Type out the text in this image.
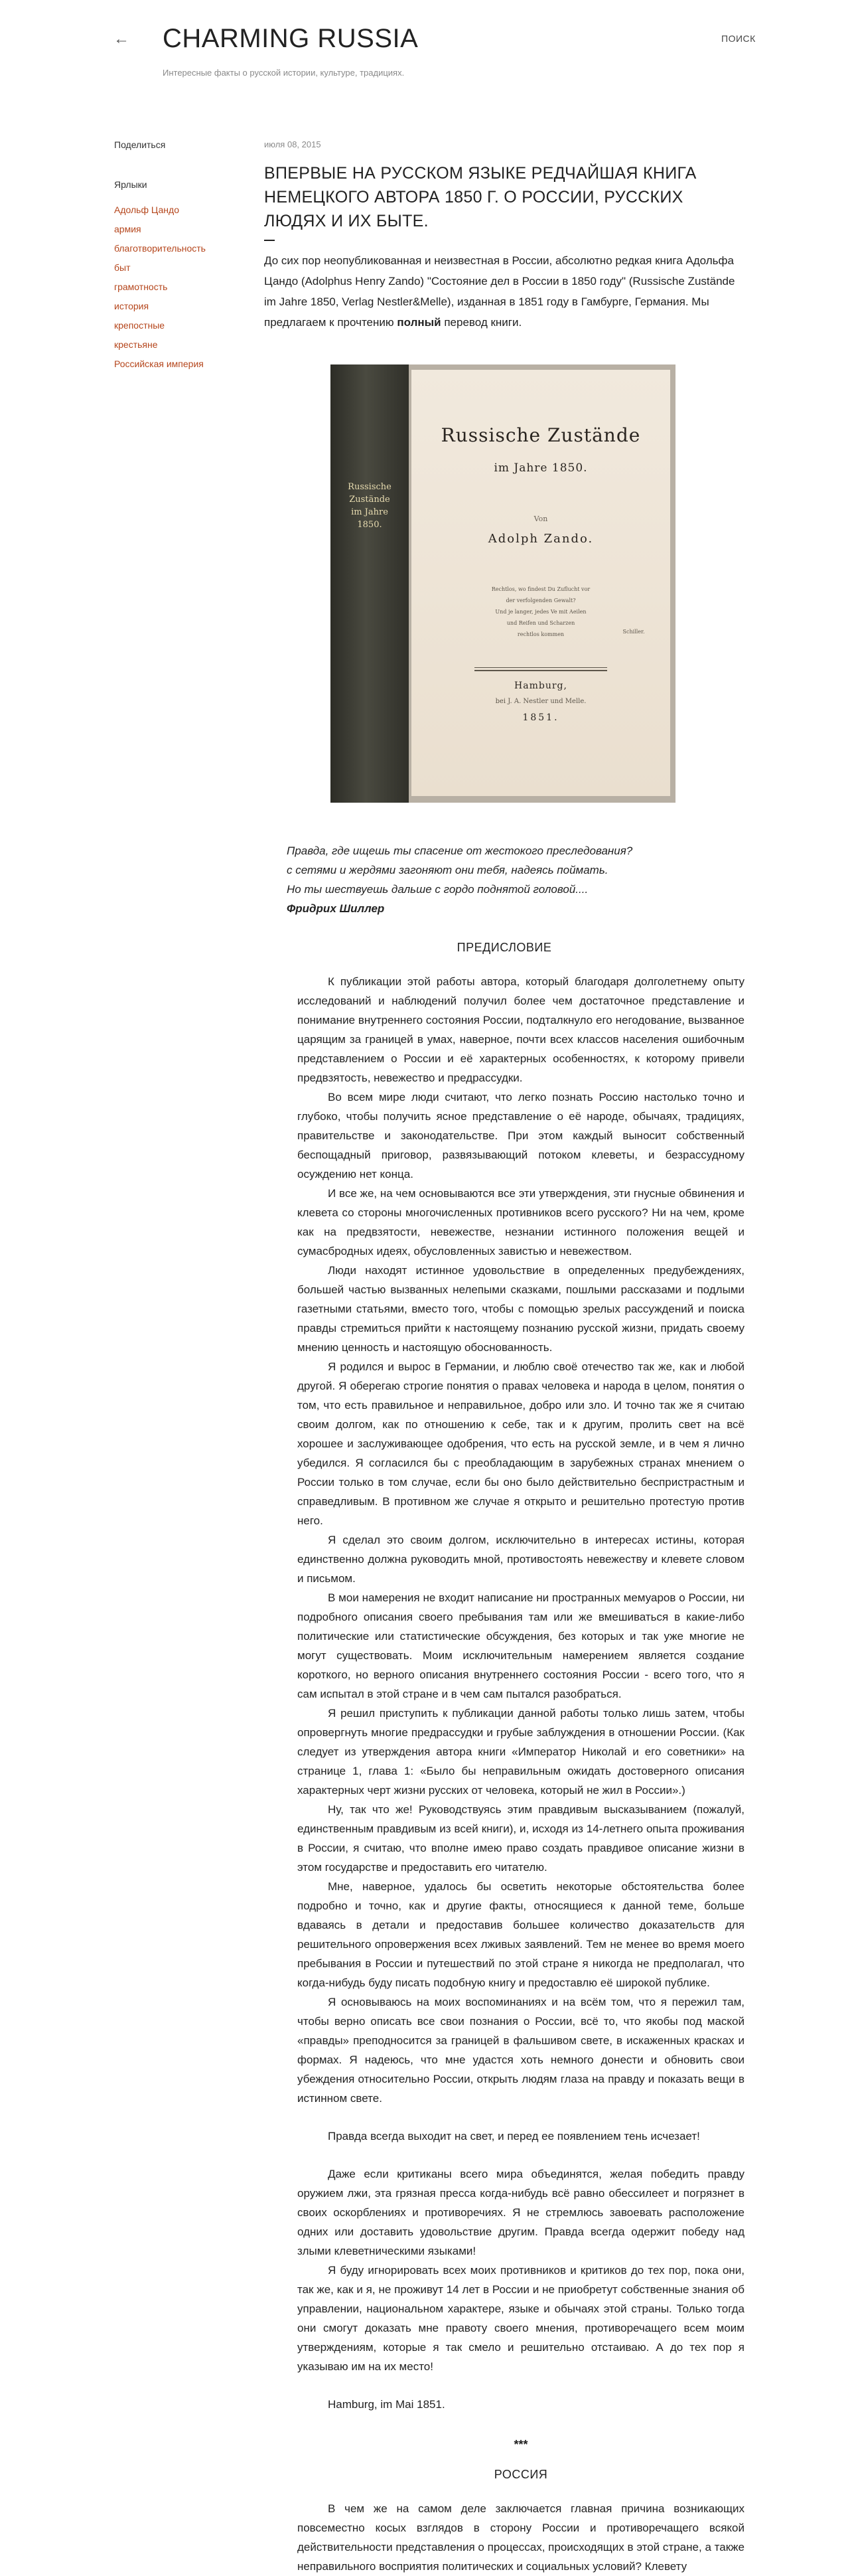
← CHARMING RUSSIA
Интересные факты о русской истории, культуре, традициях.
ПОИСК
Поделиться
Ярлыки
Адольф Цандо
армия
благотворительность
быт
грамотность
история
крепостные
крестьяне
Российская империя
июля 08, 2015
ВПЕРВЫЕ НА РУССКОМ ЯЗЫКЕ РЕДЧАЙШАЯ КНИГА НЕМЕЦКОГО АВТОРА 1850 Г. О РОССИИ, РУССКИХ ЛЮДЯХ И ИХ БЫТЕ.

До сих пор неопубликованная и неизвестная в России, абсолютно редкая книга Адольфа Цандо (Adolphus Henry Zando) "Состояние дел в России в 1850 году" (Russische Zustände im Jahre 1850, Verlag Nestler&Melle), изданная в 1851 году в Гамбурге, Германия. Мы предлагаем к прочтению полный перевод книги.

Russische
Zustände
im Jahre
1850.
Russische Zustände
im Jahre 1850.
Von
Adolph Zando.
Rechtlos, wo findest Du Zuflucht vor
der verfolgenden Gewalt?
Und je langer, jedes Ve mit Aeilen
und Reifen und Scharzen
rechtlos kommen	Schiller.
Hamburg,
bei J. A. Nestler und Melle.
1851.
Правда, где ищешь ты спасение от жестокого преследования?
с сетями и жердями загоняют они тебя, надеясь поймать.
Но ты шествуешь дальше с гордо поднятой головой....
Фридрих Шиллер
ПРЕДИСЛОВИЕ

К публикации этой работы автора, который благодаря долголетнему опыту исследований и наблюдений получил более чем достаточное представление и понимание внутреннего состояния России, подталкнуло его негодование, вызванное царящим за границей в умах, наверное, почти всех классов населения ошибочным представлением о России и её характерных особенностях, к которому привели предвзятость, невежество и предрассудки.

Во всем мире люди считают, что легко познать Россию настолько точно и глубоко, чтобы получить ясное представление о её народе, обычаях, традициях, правительстве и законодательстве. При этом каждый выносит собственный беспощадный приговор, развязывающий потоком клеветы, и безрассудному осуждению нет конца.

И все же, на чем основываются все эти утверждения, эти гнусные обвинения и клевета со стороны многочисленных противников всего русского? Ни на чем, кроме как на предвзятости, невежестве, незнании истинного положения вещей и сумасбродных идеях, обусловленных завистью и невежеством.

Люди находят истинное удовольствие в определенных предубеждениях, большей частью вызванных нелепыми сказками, пошлыми рассказами и подлыми газетными статьями, вместо того, чтобы с помощью зрелых рассуждений и поиска правды стремиться прийти к настоящему познанию русской жизни, придать своему мнению ценность и настоящую обоснованность.

Я родился и вырос в Германии, и люблю своё отечество так же, как и любой другой. Я оберегаю строгие понятия о правах человека и народа в целом, понятия о том, что есть правильное и неправильное, добро или зло. И точно так же я считаю своим долгом, как по отношению к себе, так и к другим, пролить свет на всё хорошее и заслуживающее одобрения, что есть на русской земле, и в чем я лично убедился. Я согласился бы с преобладающим в зарубежных странах мнением о России только в том случае, если бы оно было действительно беспристрастным и справедливым. В противном же случае я открыто и решительно протестую против него.

Я сделал это своим долгом, исключительно в интересах истины, которая единственно должна руководить мной, противостоять невежеству и клевете словом и письмом.

В мои намерения не входит написание ни пространных мемуаров о России, ни подробного описания своего пребывания там или же вмешиваться в какие-либо политические или статистические обсуждения, без которых и так уже многие не могут существовать. Моим исключительным намерением является создание короткого, но верного описания внутреннего состояния России - всего того, что я сам испытал в этой стране и в чем сам пытался разобраться.

Я решил приступить к публикации данной работы только лишь затем, чтобы опровергнуть многие предрассудки и грубые заблуждения в отношении России. (Как следует из утверждения автора книги «Император Николай и его советники» на странице 1, глава 1: «Было бы неправильным ожидать достоверного описания характерных черт жизни русских от человека, который не жил в России».)

Ну, так что же! Руководствуясь этим правдивым высказыванием (пожалуй, единственным правдивым из всей книги), и, исходя из 14-летнего опыта проживания в России, я считаю, что вполне имею право создать правдивое описание жизни в этом государстве и предоставить его читателю.

Мне, наверное, удалось бы осветить некоторые обстоятельства более подробно и точно, как и другие факты, относящиеся к данной теме, больше вдаваясь в детали и предоставив большее количество доказательств для решительного опровержения всех лживых заявлений. Тем не менее во время моего пребывания в России и путешествий по этой стране я никогда не предполагал, что когда-нибудь буду писать подобную книгу и предоставлю её широкой публике.

Я основываюсь на моих воспоминаниях и на всём том, что я пережил там, чтобы верно описать все свои познания о России, всё то, что якобы под маской «правды» преподносится за границей в фальшивом свете, в искаженных красках и формах. Я надеюсь, что мне удастся хоть немного донести и обновить свои убеждения относительно России, открыть людям глаза на правду и показать вещи в истинном свете.

Правда всегда выходит на свет, и перед ее появлением тень исчезает!

Даже если критиканы всего мира объединятся, желая победить правду оружием лжи, эта грязная пресса когда-нибудь всё равно обессилеет и погрязнет в своих оскорблениях и противоречиях. Я не стремлюсь завоевать расположение одних или доставить удовольствие другим. Правда всегда одержит победу над злыми клеветническими языками!

Я буду игнорировать всех моих противников и критиков до тех пор, пока они, так же, как и я, не проживут 14 лет в России и не приобретут собственные знания об управлении, национальном характере, языке и обычаях этой страны. Только тогда они смогут доказать мне правоту своего мнения, противоречащего всем моим утверждениям, которые я так смело и решительно отстаиваю. А до тех пор я указываю им на их место!

Hamburg, im Mai 1851.

***
РОССИЯ

В чем же на самом деле заключается главная причина возникающих повсеместно косых взглядов в сторону России и противоречащего всякой действительности представления о процессах, происходящих в этой стране, а также неправильного восприятия политических и социальных условий? Клевету
